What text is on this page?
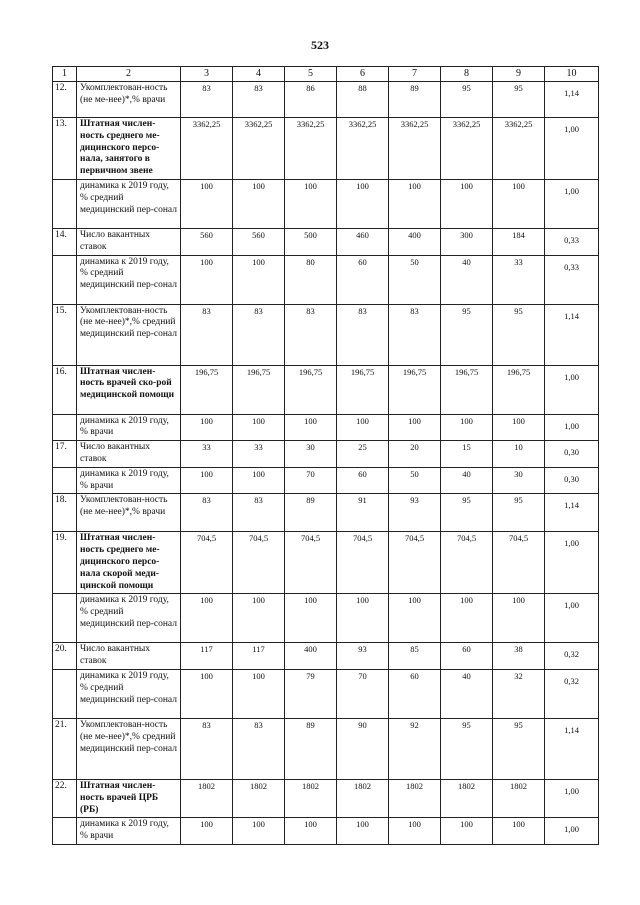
523
1	2	3	4	5	6	7	8	9	10
12.	Укомплектован-ность (не ме-нее)*,% врачи	83	83	86	88	89	95	95	1,14
13.	Штатная числен-ность среднего ме-дицинского персо-нала, занятого в первичном звене	3362,25	3362,25	3362,25	3362,25	3362,25	3362,25	3362,25	1,00
	динамика к 2019 году, % средний медицинский пер-сонал	100	100	100	100	100	100	100	1,00
14.	Число вакантных ставок	560	560	500	460	400	300	184	0,33
	динамика к 2019 году, % средний медицинский пер-сонал	100	100	80	60	50	40	33	0,33
15.	Укомплектован-ность (не ме-нее)*,% средний медицинский пер-сонал	83	83	83	83	83	95	95	1,14
16.	Штатная числен-ность врачей ско-рой медицинской помощи	196,75	196,75	196,75	196,75	196,75	196,75	196,75	1,00
	динамика к 2019 году, % врачи	100	100	100	100	100	100	100	1,00
17.	Число вакантных ставок	33	33	30	25	20	15	10	0,30
	динамика к 2019 году, % врачи	100	100	70	60	50	40	30	0,30
18.	Укомплектован-ность (не ме-нее)*,% врачи	83	83	89	91	93	95	95	1,14
19.	Штатная числен-ность среднего ме-дицинского персо-нала скорой меди-цинской помощи	704,5	704,5	704,5	704,5	704,5	704,5	704,5	1,00
	динамика к 2019 году, % средний медицинский пер-сонал	100	100	100	100	100	100	100	1,00
20.	Число вакантных ставок	117	117	400	93	85	60	38	0,32
	динамика к 2019 году, % средний медицинский пер-сонал	100	100	79	70	60	40	32	0,32
21.	Укомплектован-ность (не ме-нее)*,% средний медицинский пер-сонал	83	83	89	90	92	95	95	1,14
22.	Штатная числен-ность врачей ЦРБ (РБ)	1802	1802	1802	1802	1802	1802	1802	1,00
	динамика к 2019 году, % врачи	100	100	100	100	100	100	100	1,00
